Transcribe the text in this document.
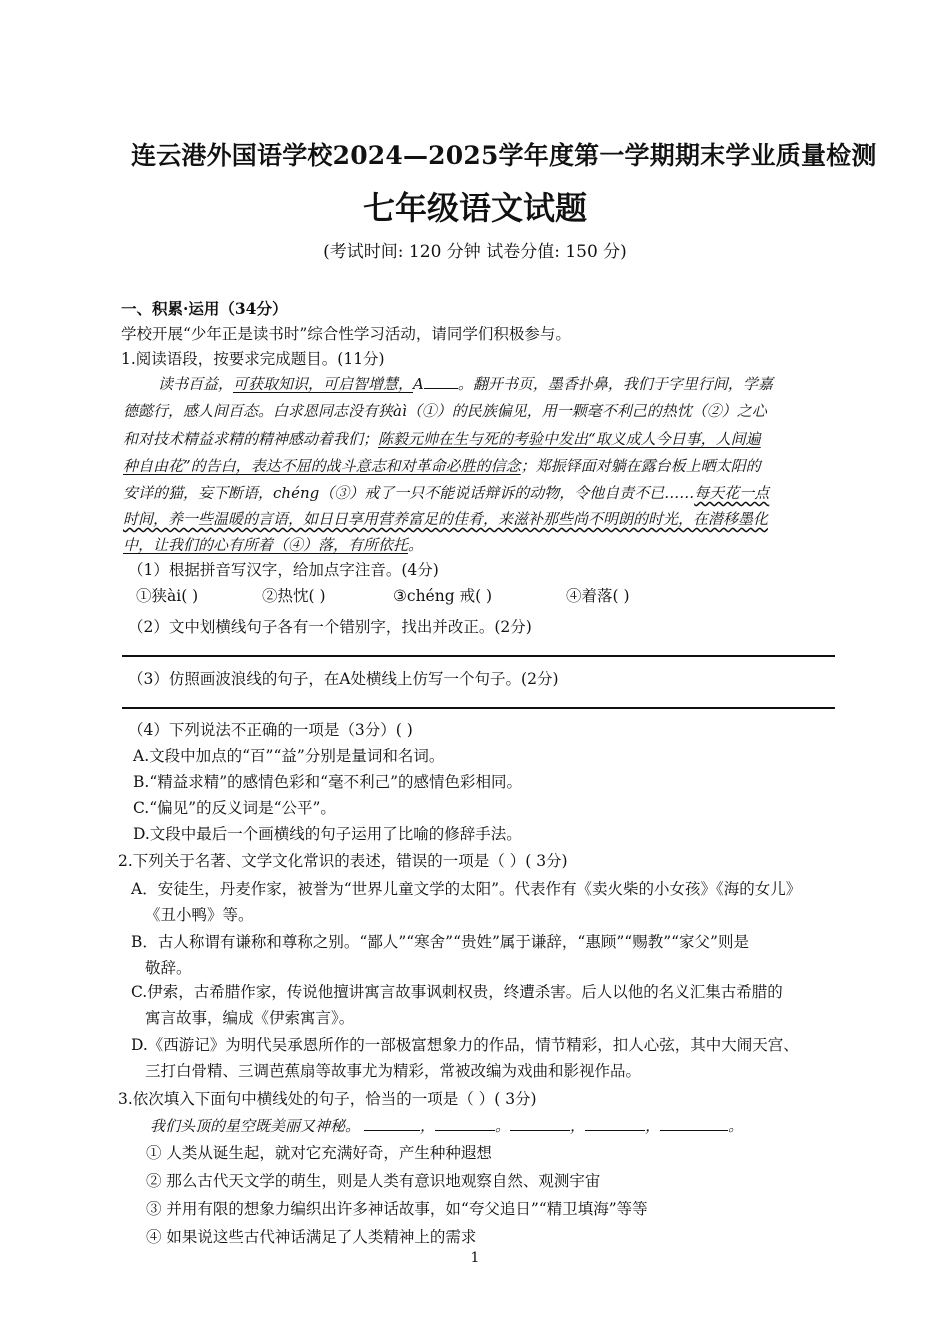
连云港外国语学校2024—2025学年度第一学期期末学业质量检测
七年级语文试题
(考试时间: 120 分钟 试卷分值: 150 分)
一、积累·运用（34分）
学校开展“少年正是读书时”综合性学习活动，请同学们积极参与。
1.阅读语段，按要求完成题目。(11分)
读书百益，可获取知识，可启智增慧，A 。翻开书页，墨香扑鼻，我们于字里行间，学嘉
德懿行，感人间百态。白求恩同志没有狭àì（①）的民族偏见，用一颗毫不利己的热忱（②）之心
和对技术精益求精的精神感动着我们；陈毅元帅在生与死的考验中发出“取义成人今日事，人间遍
种自由花”的告白，表达不屈的战斗意志和对革命必胜的信念；郑振铎面对躺在露台板上晒太阳的
安详的猫，妄下断语，chéng（③）戒了一只不能说话辩诉的动物，令他自责不已……每天花一点
时间，养一些温暖的言语，如日日享用营养富足的佳肴，来滋补那些尚不明朗的时光，在潜移墨化
中，让我们的心有所着（④）落，有所依托。
（1）根据拼音写汉字，给加点字注音。(4分)
①狭ài( )	②热忱( )	③chéng 戒( )	④着落( )
（2）文中划横线句子各有一个错别字，找出并改正。(2分)
（3）仿照画波浪线的句子，在A处横线上仿写一个句子。(2分)
（4）下列说法不正确的一项是（3分）( )
A.文段中加点的“百”“益”分别是量词和名词。
B.“精益求精”的感情色彩和“毫不利己”的感情色彩相同。
C.“偏见”的反义词是“公平”。
D.文段中最后一个画横线的句子运用了比喻的修辞手法。
2.下列关于名著、文学文化常识的表述，错误的一项是（ ）( 3分)
A．安徒生，丹麦作家，被誉为“世界儿童文学的太阳”。代表作有《卖火柴的小女孩》《海的女儿》
《丑小鸭》等。
B．古人称谓有谦称和尊称之别。“鄙人”“寒舍”“贵姓”属于谦辞，“惠顾”“赐教”“家父”则是
敬辞。
C.伊索，古希腊作家，传说他擅讲寓言故事讽刺权贵，终遭杀害。后人以他的名义汇集古希腊的
寓言故事，编成《伊索寓言》。
D.《西游记》为明代吴承恩所作的一部极富想象力的作品，情节精彩，扣人心弦，其中大闹天宫、
三打白骨精、三调芭蕉扇等故事尤为精彩，常被改编为戏曲和影视作品。
3.依次填入下面句中横线处的句子，恰当的一项是（ ）( 3分)
我们头顶的星空既美丽又神秘。	，	。	，	，	。
① 人类从诞生起，就对它充满好奇，产生种种遐想
② 那么古代天文学的萌生，则是人类有意识地观察自然、观测宇宙
③ 并用有限的想象力编织出许多神话故事，如“夸父追日”“精卫填海”等等
④ 如果说这些古代神话满足了人类精神上的需求
1
